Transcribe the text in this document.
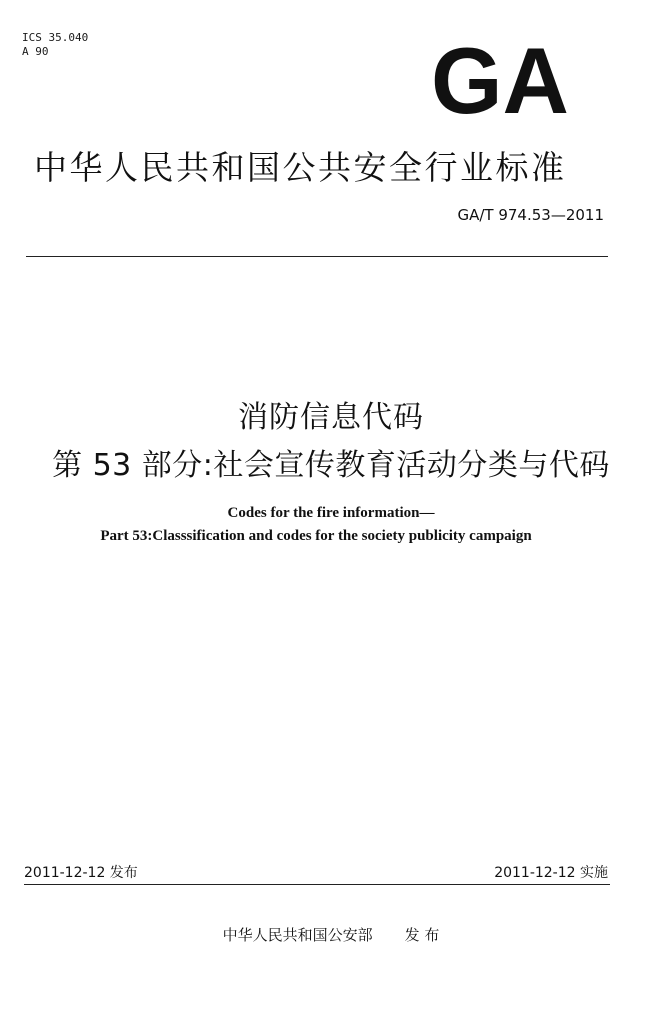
ICS 35.040
A 90	GA
中华人民共和国公共安全行业标准
GA/T 974.53—2011
消防信息代码
第 53 部分:社会宣传教育活动分类与代码
Codes for the fire information—
Part 53:Classsification and codes for the society publicity campaign
2011-12-12 发布	2011-12-12 实施
中华人民共和国公安部 发 布
